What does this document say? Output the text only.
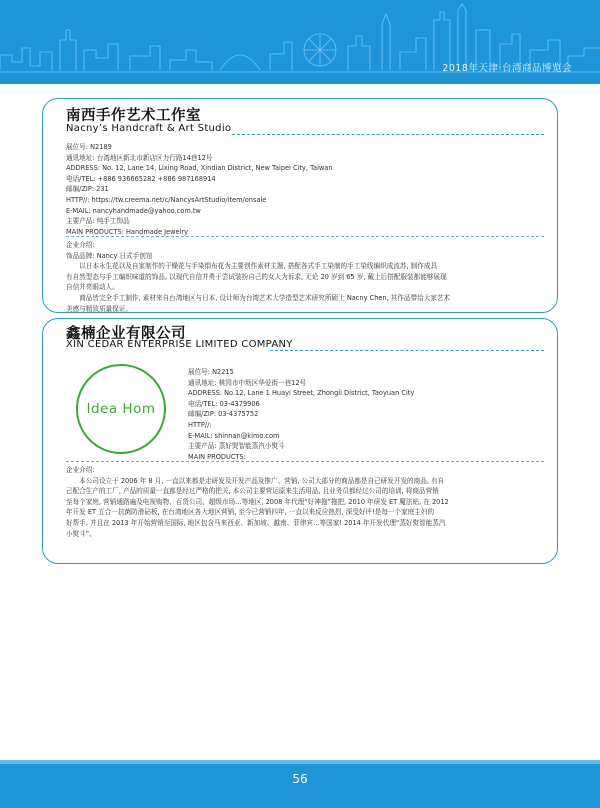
2018年天津·台湾商品博览会
南西手作艺术工作室
Nacny’s Handcraft & Art Studio
展位号: N2189
通讯地址: 台湾地区新北市新店区力行路14巷12号
ADDRESS: No. 12, Lane 14, Lixing Road, Xindian District, New Taipei City, Taiwan
电话/TEL: +886 936665282 +886 987168914
邮编/ZIP: 231
HTTP//: https://tw.creema.net/c/NancysArtStudio/item/onsale
E-MAIL: nancyhandmade@yahoo.com.tw
主要产品: 纯手工饰品
MAIN PRODUCTS: Handmade Jewelry

企业介绍:

饰品品牌: Nancy 日式手创馆

　　以日本永生花以及自家制作的干燥花与手染绢布花为主要创作素材主题, 搭配各式手工染制的手工染线编织成流苏, 制作成具

有自然型态与手工编织味道的饰品, 以现代自信并勇于尝试装扮自己的女人为诉求, 无论 20 岁到 65 岁, 戴上后搭配服装都能够展现

自信并亮眼动人。

　　商品皆完全手工制作, 素材来自台湾地区与日本, 设计师为台湾艺术大学造型艺术研究所硕士 Nacny Chen, 其作品带给大家艺术

美感与精致质量保证。

鑫楠企业有限公司
XIN CEDAR ENTERPRISE LIMITED COMPANY
Idea Hom
展位号: N2215
通讯地址: 桃园市中坜区华爱街一巷12号
ADDRESS: No.12, Lane 1 Huayi Street, Zhongli District, Taoyuan City
电话/TEL: 03-4379906
邮编/ZIP: 03-4375752
HTTP//:
E-MAIL: shinnan@kimo.com
主要产品: 蒸好熨智能蒸汽小熨斗
MAIN PRODUCTS:

企业介绍:

　　本公司设立于 2006 年 8 月, 一直以来都是走研发及开发产品及推广、营销, 公司大部分的商品都是自己研发开发的商品, 有自

己配合生产的工厂, 产品的质量一直都是经过严格的把关, 本公司主要营运原来生活用品, 且业务员都经过公司的培训, 将商品营销

至每个家庭, 营销通路遍及电视购物、百货公司、超级市场…等地区, 2008 年代理“好神拖”拖把, 2010 年研发 ET 魔法贴, 在 2012

年开发 ET 五合一抗菌防滑砧板, 在台湾地区各大地区营销, 至今已营销四年, 一直以来反应热烈, 深受好评!是每一个家庭主妇的

好帮手, 并且在 2013 年开始营销至国际, 地区包含马来西亚、新加坡、越南、菲律宾…等国家! 2014 年开发代理“蒸好熨智能蒸汽

小熨斗”。

56
